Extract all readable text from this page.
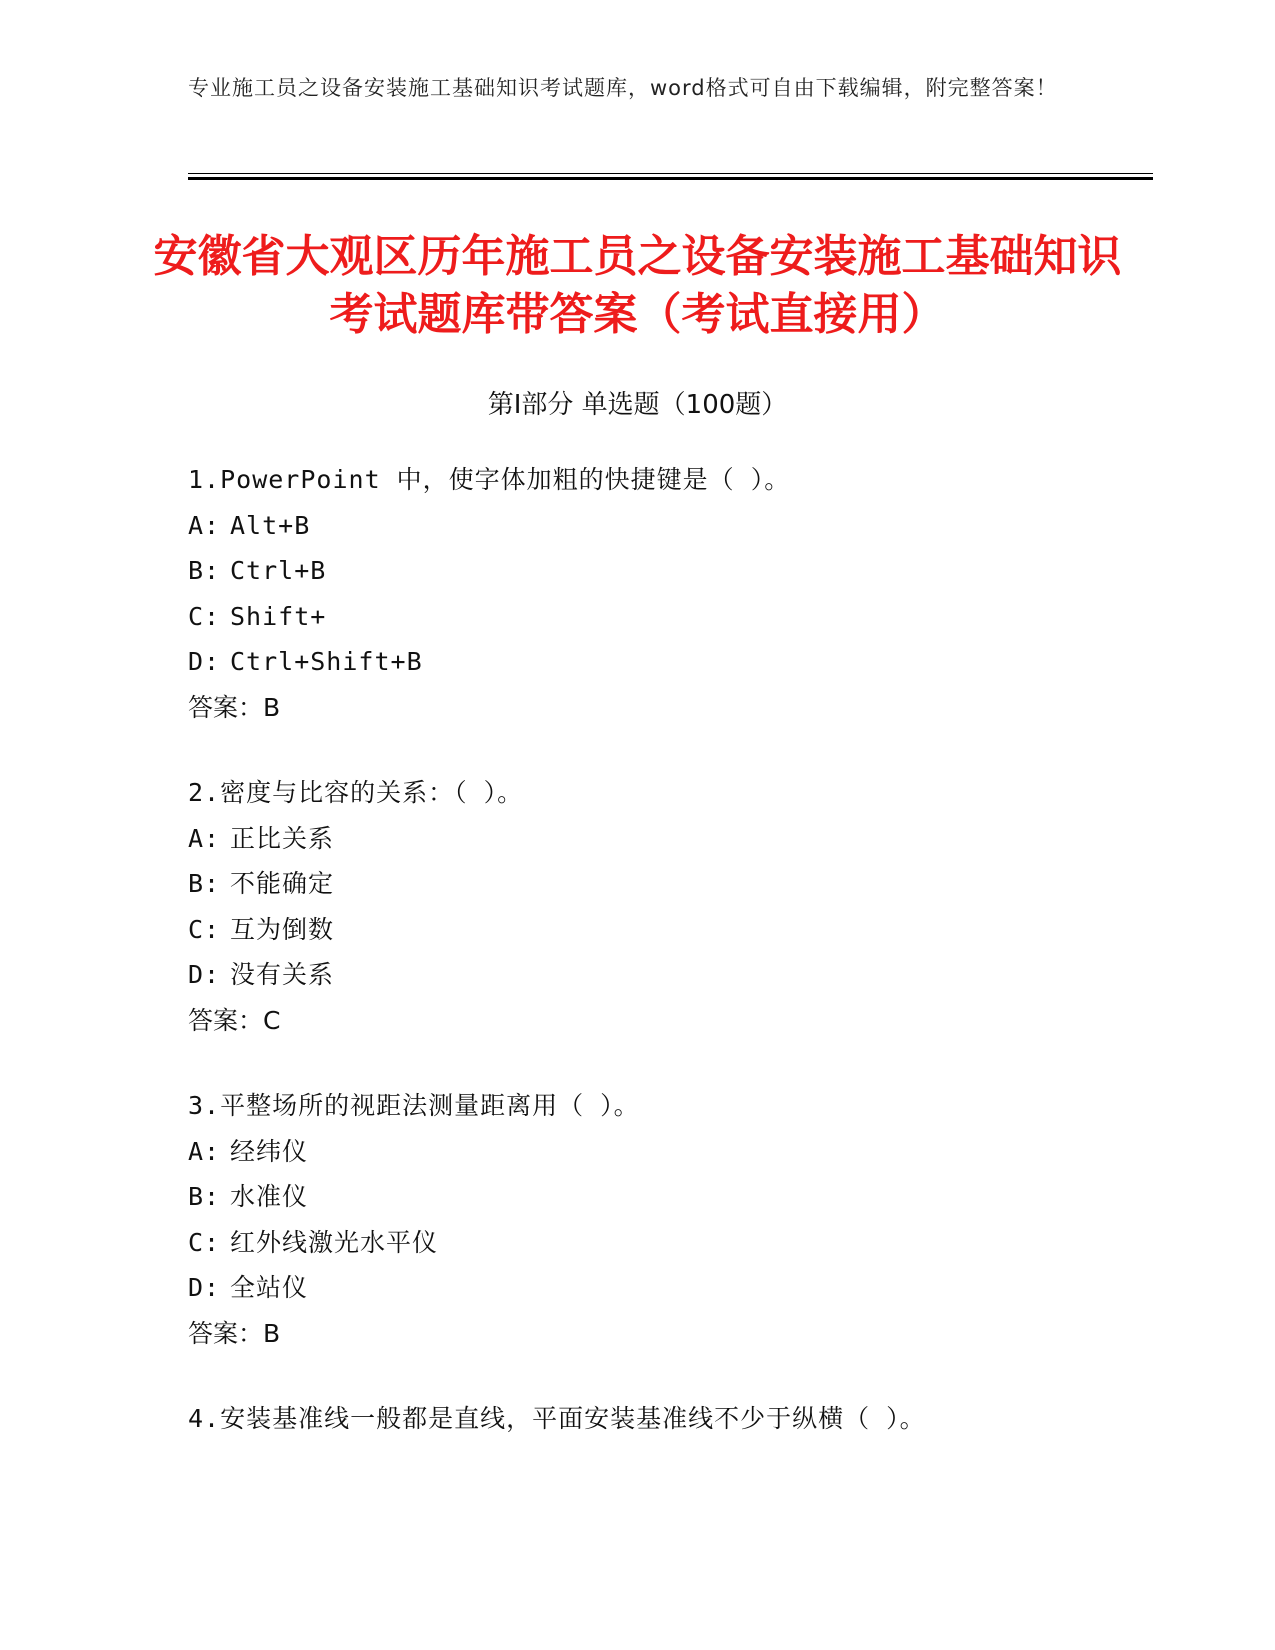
专业施工员之设备安装施工基础知识考试题库，word格式可自由下载编辑，附完整答案！
安徽省大观区历年施工员之设备安装施工基础知识考试题库带答案（考试直接用）
第Ⅰ部分 单选题（100题）
1.PowerPoint 中，使字体加粗的快捷键是（ ）。
A: Alt+B
B: Ctrl+B
C: Shift+
D: Ctrl+Shift+B
答案：B
2.密度与比容的关系：（ ）。
A: 正比关系
B: 不能确定
C: 互为倒数
D: 没有关系
答案：C
3.平整场所的视距法测量距离用（ ）。
A: 经纬仪
B: 水准仪
C: 红外线激光水平仪
D: 全站仪
答案：B
4.安装基准线一般都是直线，平面安装基准线不少于纵横（ ）。
